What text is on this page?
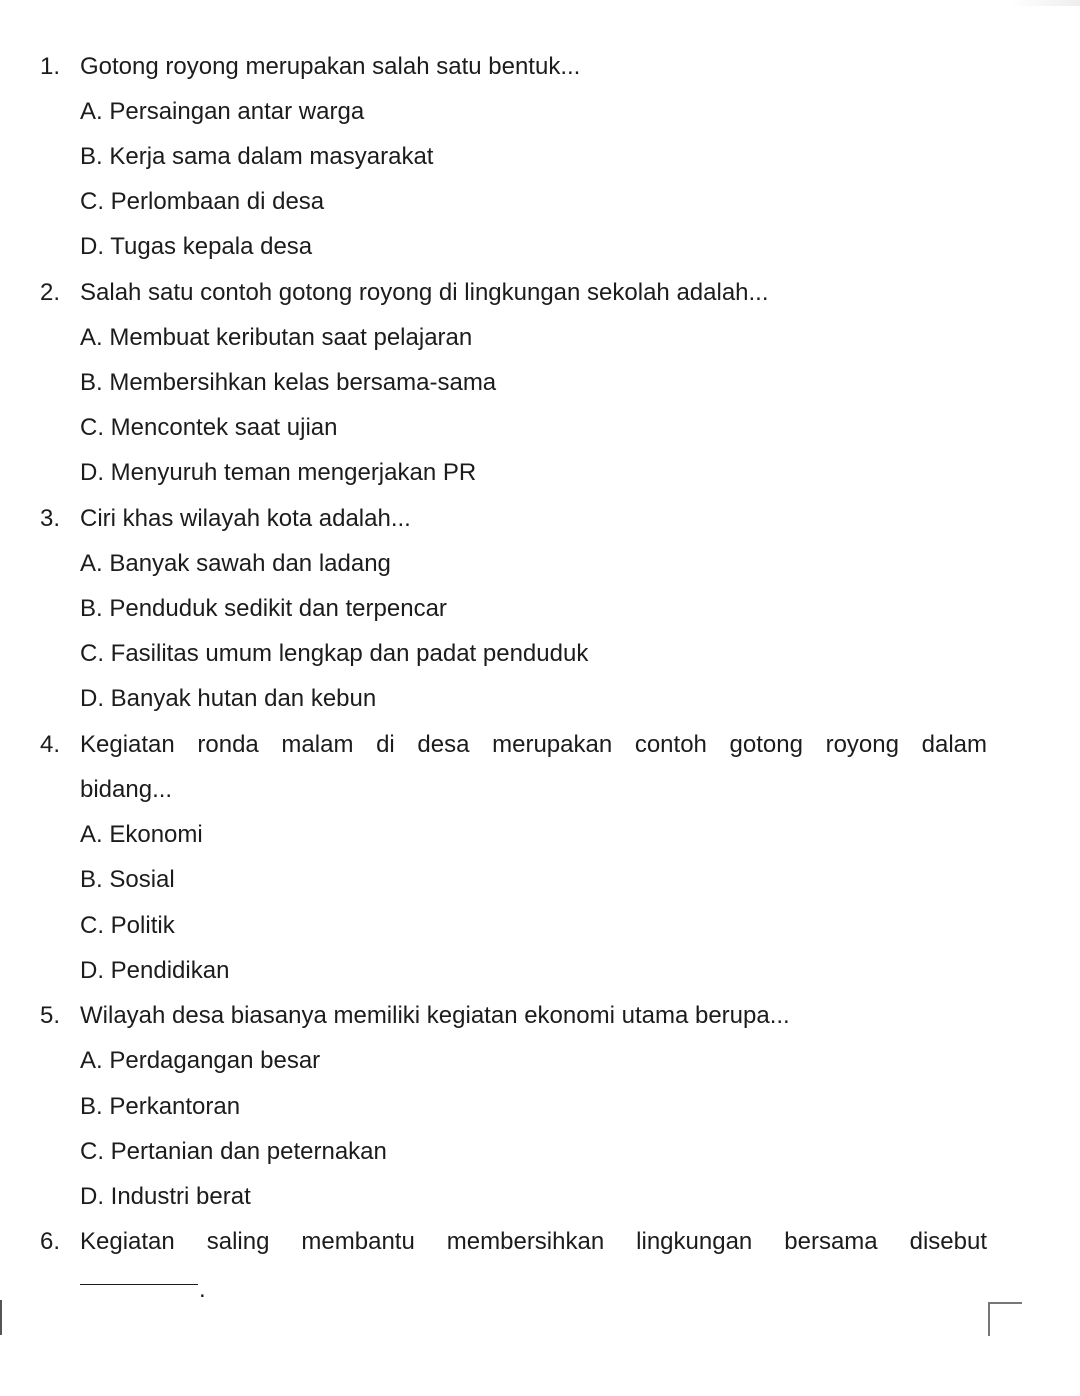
1. Gotong royong merupakan salah satu bentuk...
A. Persaingan antar warga
B. Kerja sama dalam masyarakat
C. Perlombaan di desa
D. Tugas kepala desa
2. Salah satu contoh gotong royong di lingkungan sekolah adalah...
A. Membuat keributan saat pelajaran
B. Membersihkan kelas bersama-sama
C. Mencontek saat ujian
D. Menyuruh teman mengerjakan PR
3. Ciri khas wilayah kota adalah...
A. Banyak sawah dan ladang
B. Penduduk sedikit dan terpencar
C. Fasilitas umum lengkap dan padat penduduk
D. Banyak hutan dan kebun
4. Kegiatan ronda malam di desa merupakan contoh gotong royong dalam
bidang...
A. Ekonomi
B. Sosial
C. Politik
D. Pendidikan
5. Wilayah desa biasanya memiliki kegiatan ekonomi utama berupa...
A. Perdagangan besar
B. Perkantoran
C. Pertanian dan peternakan
D. Industri berat
6. Kegiatan saling membantu membersihkan lingkungan bersama disebut
.
